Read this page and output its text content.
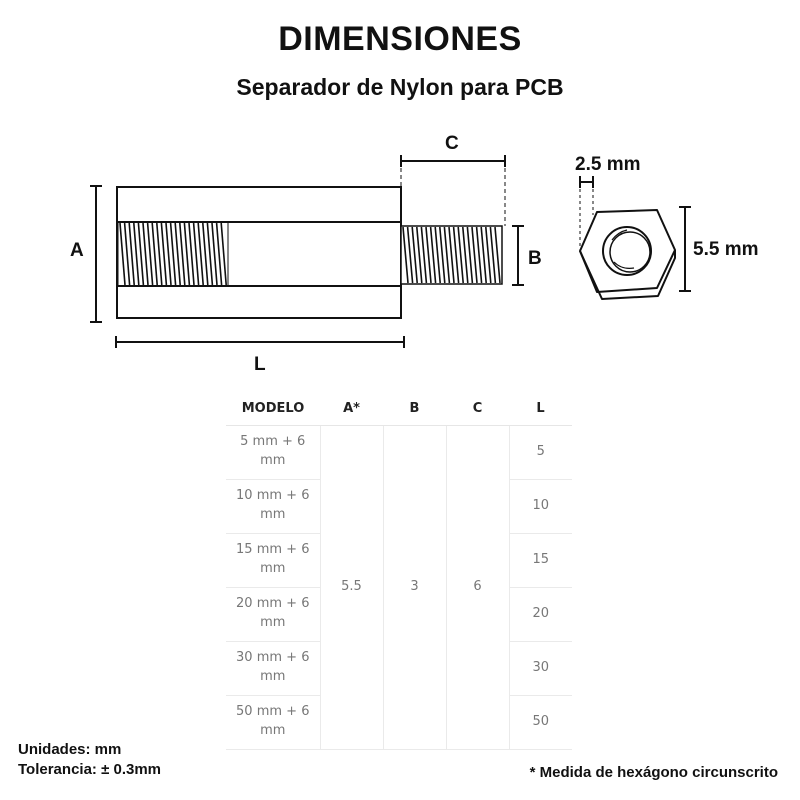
DIMENSIONES
Separador de Nylon para PCB
A
C
B
L
2.5 mm
5.5 mm
MODELO	A*	B	C	L
5 mm + 6 mm	5.5	3	6	5
10 mm + 6 mm				10
15 mm + 6 mm				15
20 mm + 6 mm				20
30 mm + 6 mm				30
50 mm + 6 mm				50
Unidades: mm
Tolerancia: ± 0.3mm	* Medida de hexágono circunscrito
